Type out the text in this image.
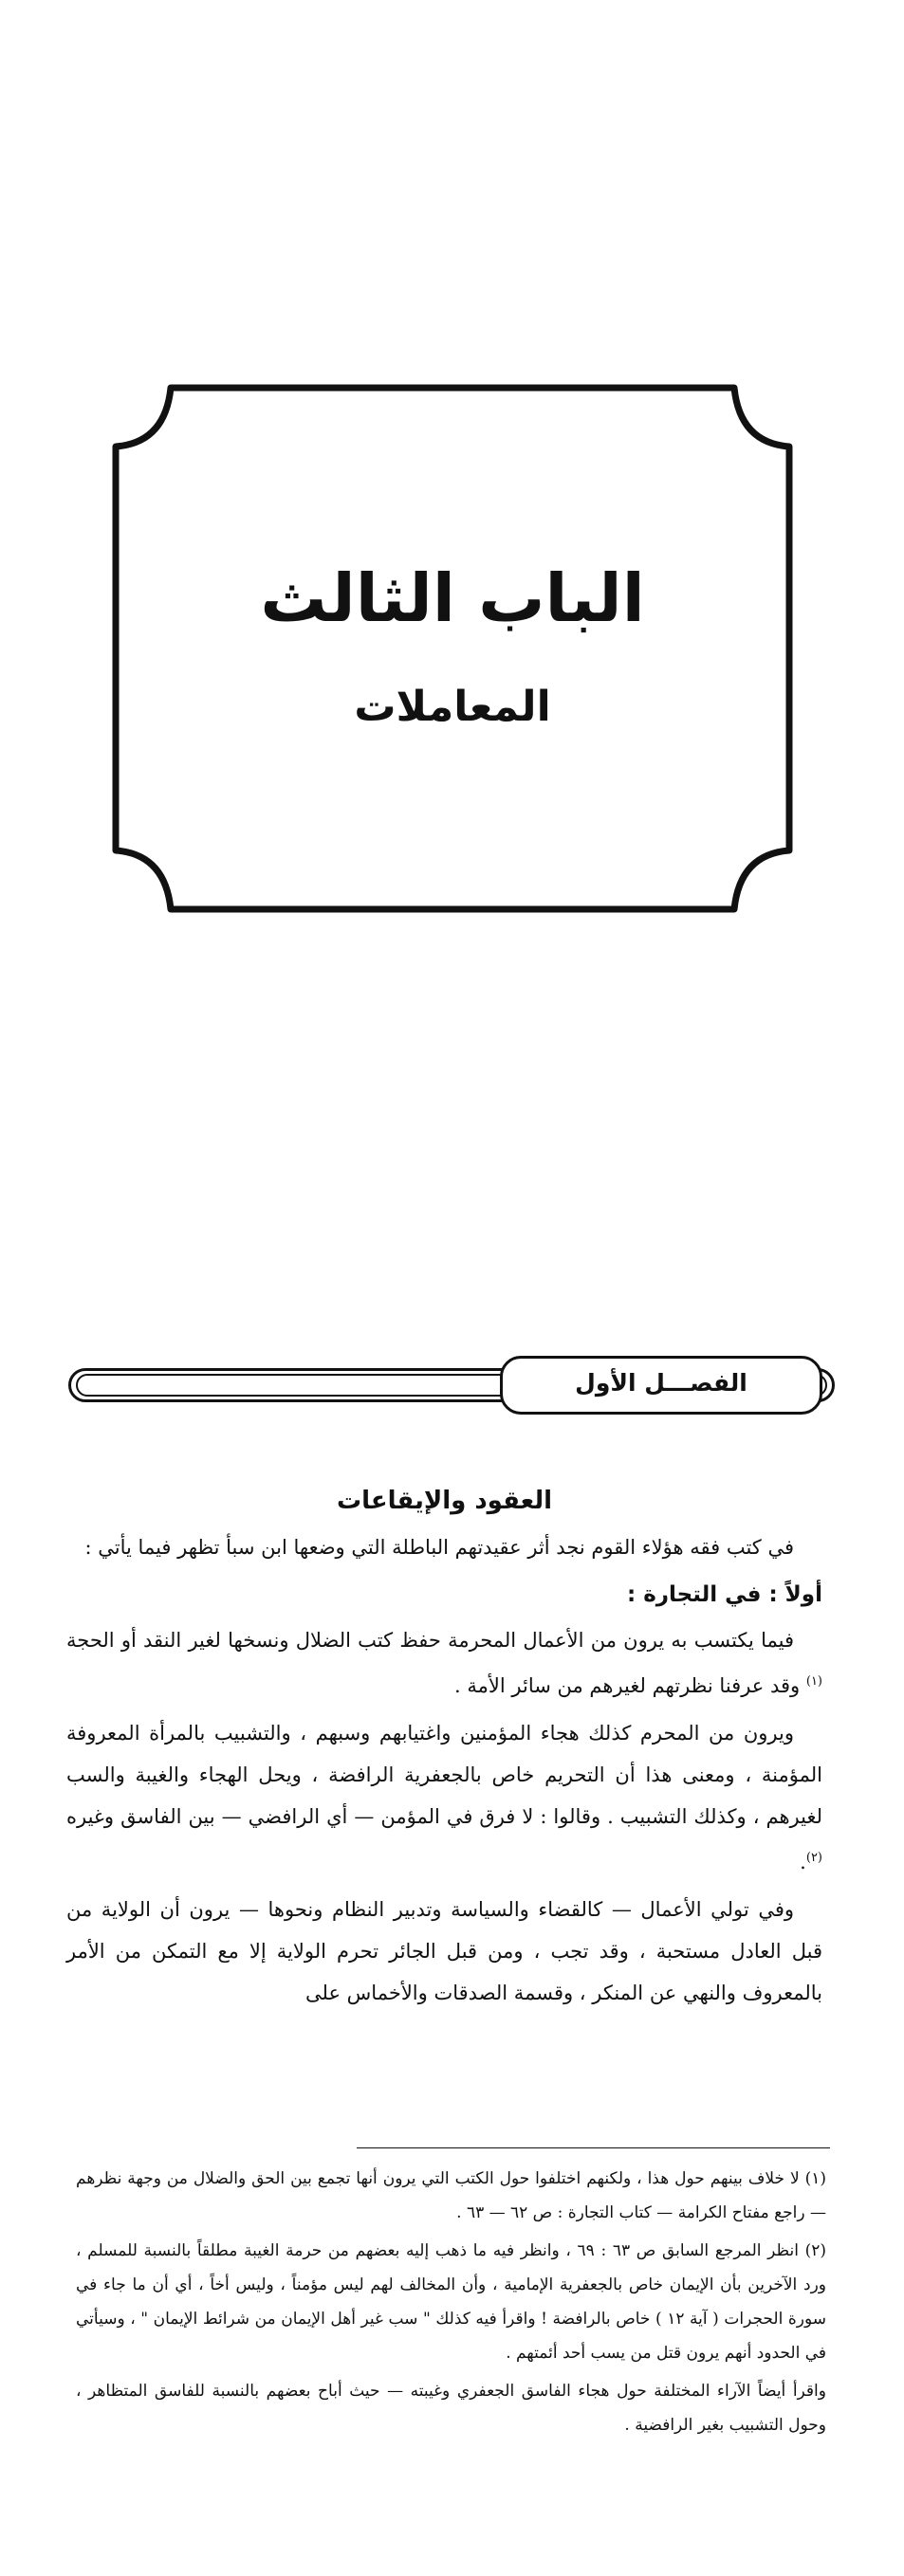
الباب الثالث
المعاملات
الفصـــل الأول
العقود والإيقاعات

في كتب فقه هؤلاء القوم نجد أثر عقيدتهم الباطلة التي وضعها ابن سبأ تظهر فيما يأتي :

أولاً : في التجارة :

فيما يكتسب به يرون من الأعمال المحرمة حفظ كتب الضلال ونسخها لغير النقد أو الحجة $^{(١)}$ وقد عرفنا نظرتهم لغيرهم من سائر الأمة .

ويرون من المحرم كذلك هجاء المؤمنين واغتيابهم وسبهم ، والتشبيب بالمرأة المعروفة المؤمنة ، ومعنى هذا أن التحريم خاص بالجعفرية الرافضة ، ويحل الهجاء والغيبة والسب لغيرهم ، وكذلك التشبيب . وقالوا : لا فرق في المؤمن — أي الرافضي — بين الفاسق وغيره $^{(٢)}$.

وفي تولي الأعمال — كالقضاء والسياسة وتدبير النظام ونحوها — يرون أن الولاية من قبل العادل مستحبة ، وقد تجب ، ومن قبل الجائر تحرم الولاية إلا مع التمكن من الأمر بالمعروف والنهي عن المنكر ، وقسمة الصدقات والأخماس على

(١) لا خلاف بينهم حول هذا ، ولكنهم اختلفوا حول الكتب التي يرون أنها تجمع بين الحق والضلال من وجهة نظرهم — راجع مفتاح الكرامة — كتاب التجارة : ص ٦٢ — ٦٣ .

(٢) انظر المرجع السابق ص ٦٣ : ٦٩ ، وانظر فيه ما ذهب إليه بعضهم من حرمة الغيبة مطلقاً بالنسبة للمسلم ، ورد الآخرين بأن الإيمان خاص بالجعفرية الإمامية ، وأن المخالف لهم ليس مؤمناً ، وليس أخاً ، أي أن ما جاء في سورة الحجرات ( آية ١٢ ) خاص بالرافضة ! واقرأ فيه كذلك " سب غير أهل الإيمان من شرائط الإيمان " ، وسيأتي في الحدود أنهم يرون قتل من يسب أحد أئمتهم .

واقرأ أيضاً الآراء المختلفة حول هجاء الفاسق الجعفري وغيبته — حيث أباح بعضهم بالنسبة للفاسق المتظاهر ، وحول التشبيب بغير الرافضية .
